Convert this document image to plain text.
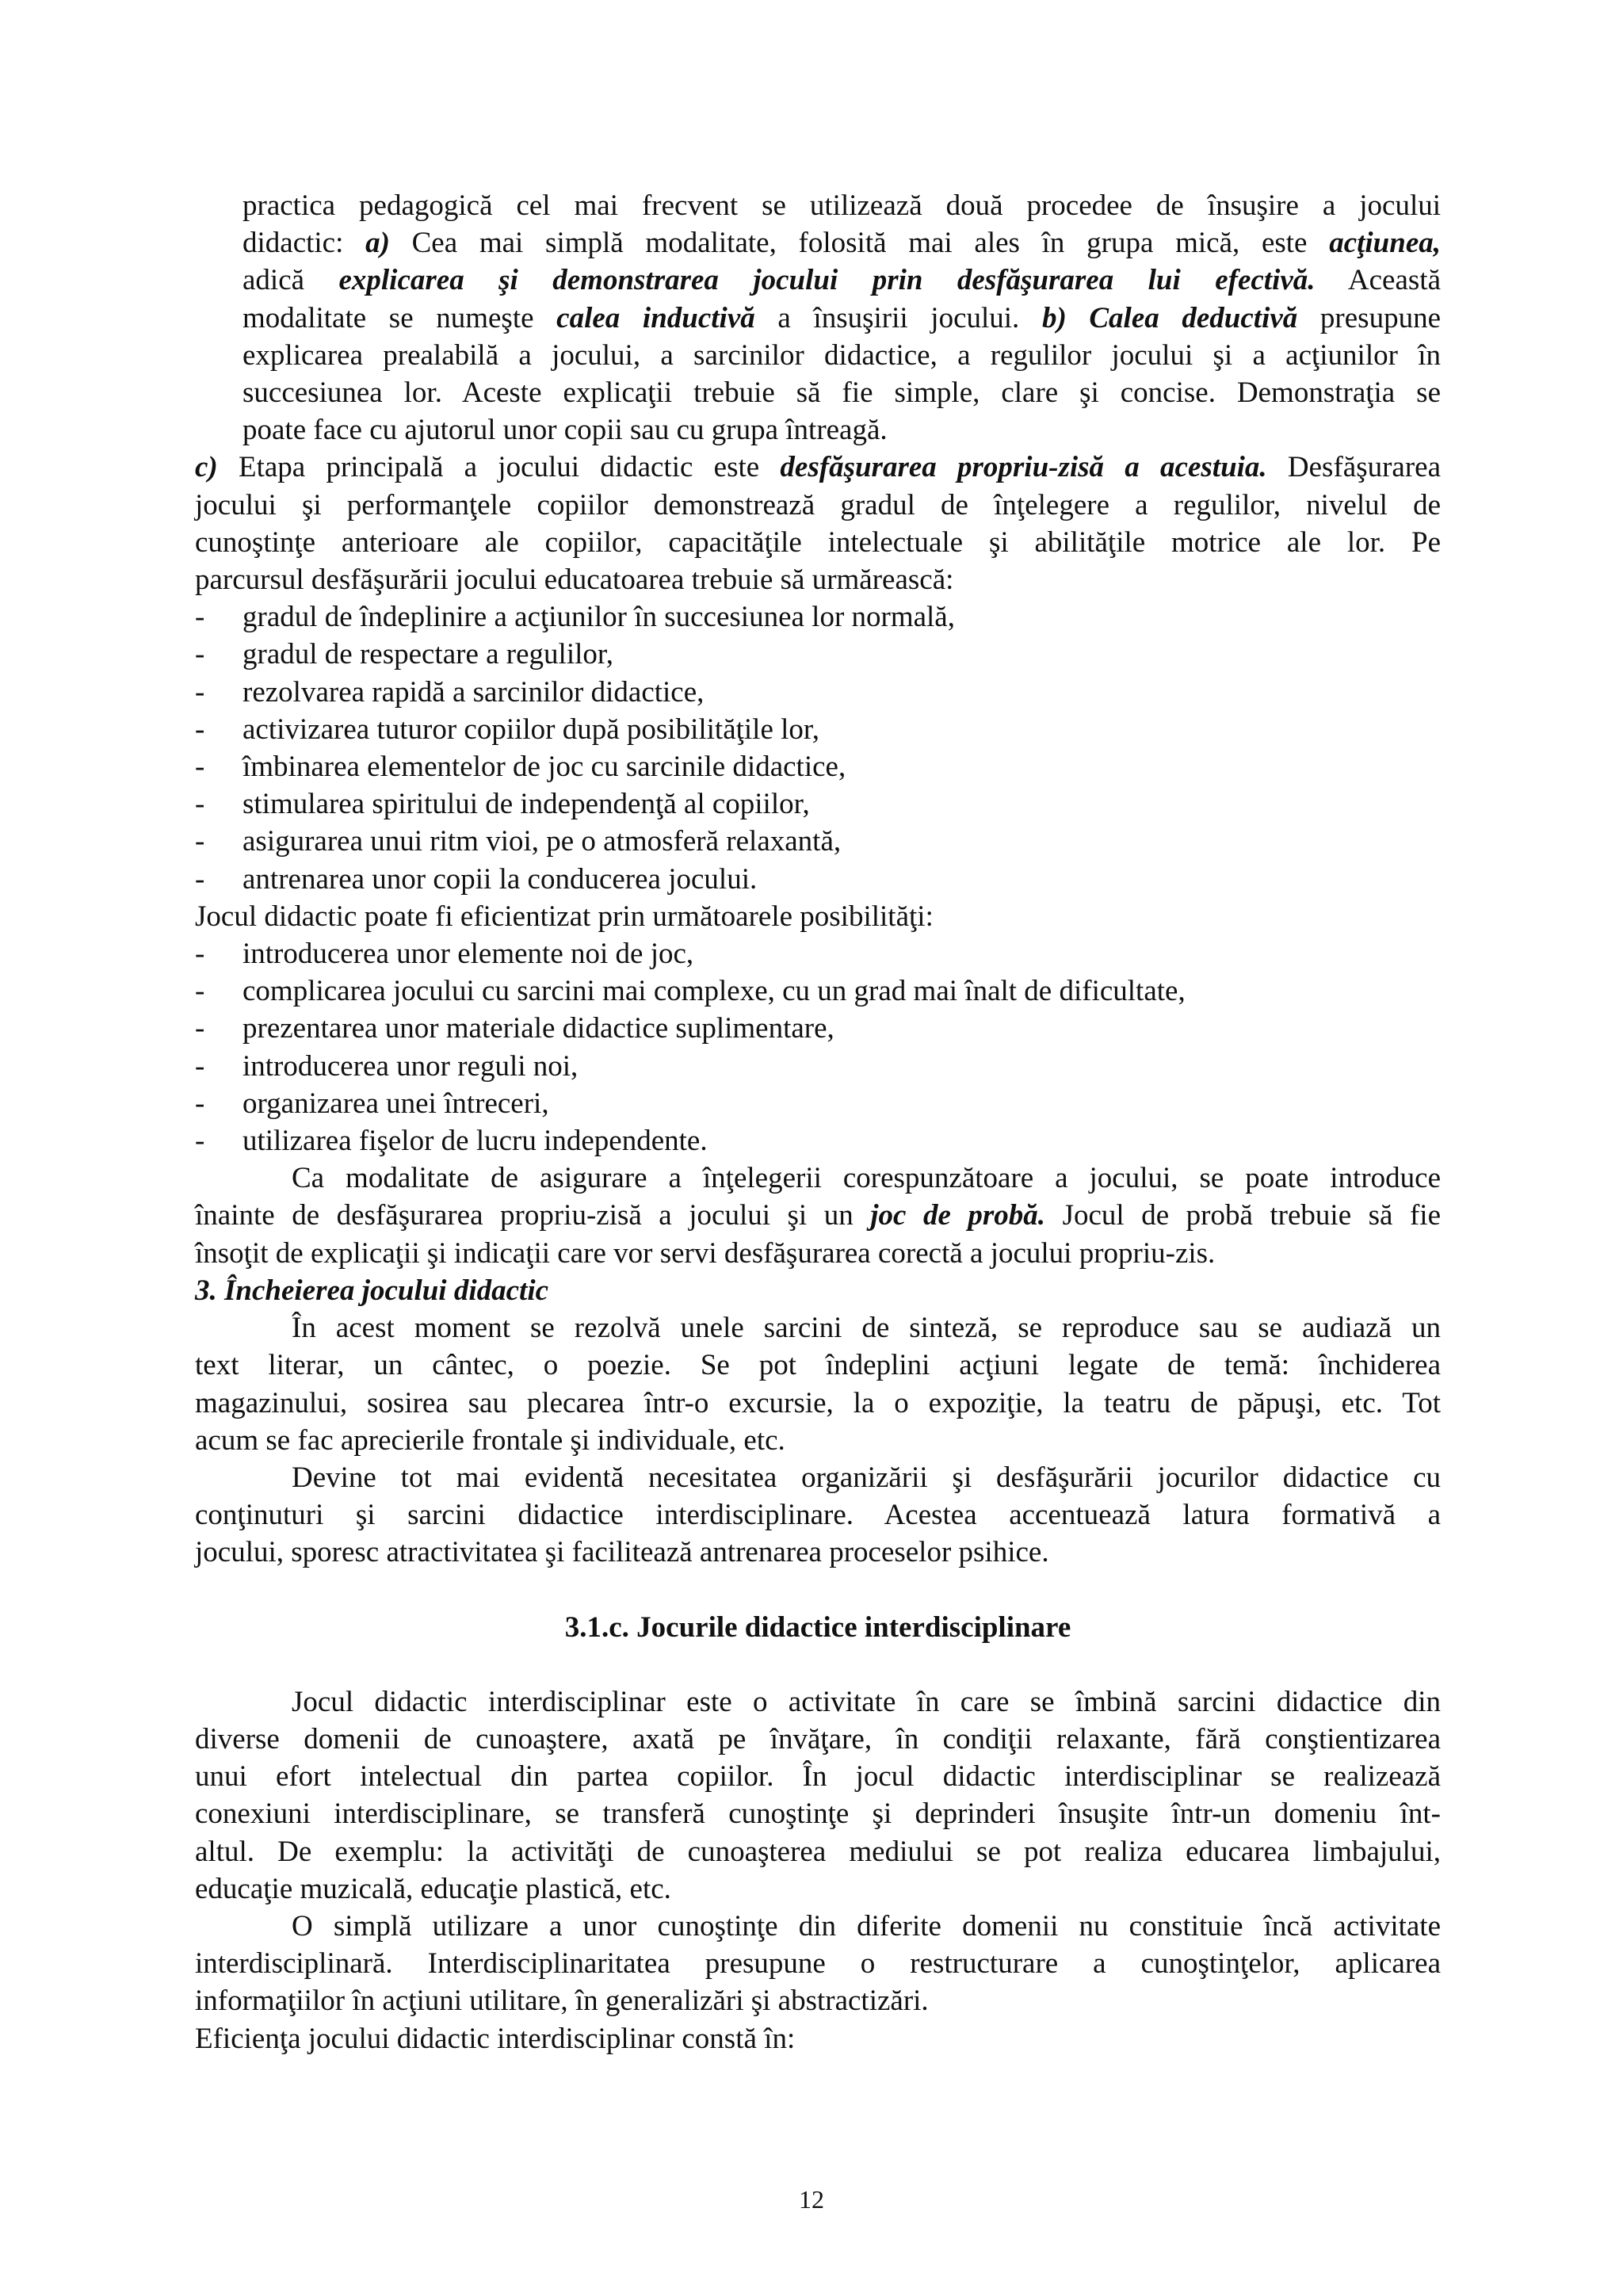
practica pedagogică cel mai frecvent se utilizează două procedee de însuşire a jocului

didactic: a) Cea mai simplă modalitate, folosită mai ales în grupa mică, este acţiunea,

adică explicarea şi demonstrarea jocului prin desfăşurarea lui efectivă. Această

modalitate se numeşte calea inductivă a însuşirii jocului. b) Calea deductivă presupune

explicarea prealabilă a jocului, a sarcinilor didactice, a regulilor jocului şi a acţiunilor în

succesiunea lor. Aceste explicaţii trebuie să fie simple, clare şi concise. Demonstraţia se

poate face cu ajutorul unor copii sau cu grupa întreagă.

c) Etapa principală a jocului didactic este desfăşurarea propriu-zisă a acestuia. Desfăşurarea

jocului şi performanţele copiilor demonstrează gradul de înţelegere a regulilor, nivelul de

cunoştinţe anterioare ale copiilor, capacităţile intelectuale şi abilităţile motrice ale lor. Pe

parcursul desfăşurării jocului educatoarea trebuie să urmărească:

- gradul de îndeplinire a acţiunilor în succesiunea lor normală,

- gradul de respectare a regulilor,

- rezolvarea rapidă a sarcinilor didactice,

- activizarea tuturor copiilor după posibilităţile lor,

- îmbinarea elementelor de joc cu sarcinile didactice,

- stimularea spiritului de independenţă al copiilor,

- asigurarea unui ritm vioi, pe o atmosferă relaxantă,

- antrenarea unor copii la conducerea jocului.

Jocul didactic poate fi eficientizat prin următoarele posibilităţi:

- introducerea unor elemente noi de joc,

- complicarea jocului cu sarcini mai complexe, cu un grad mai înalt de dificultate,

- prezentarea unor materiale didactice suplimentare,

- introducerea unor reguli noi,

- organizarea unei întreceri,

- utilizarea fişelor de lucru independente.

Ca modalitate de asigurare a înţelegerii corespunzătoare a jocului, se poate introduce

înainte de desfăşurarea propriu-zisă a jocului şi un joc de probă. Jocul de probă trebuie să fie

însoţit de explicaţii şi indicaţii care vor servi desfăşurarea corectă a jocului propriu-zis.

3. Încheierea jocului didactic

În acest moment se rezolvă unele sarcini de sinteză, se reproduce sau se audiază un

text literar, un cântec, o poezie. Se pot îndeplini acţiuni legate de temă: închiderea

magazinului, sosirea sau plecarea într-o excursie, la o expoziţie, la teatru de păpuşi, etc. Tot

acum se fac aprecierile frontale şi individuale, etc.

Devine tot mai evidentă necesitatea organizării şi desfăşurării jocurilor didactice cu

conţinuturi şi sarcini didactice interdisciplinare. Acestea accentuează latura formativă a

jocului, sporesc atractivitatea şi facilitează antrenarea proceselor psihice.

3.1.c. Jocurile didactice interdisciplinare

Jocul didactic interdisciplinar este o activitate în care se îmbină sarcini didactice din

diverse domenii de cunoaştere, axată pe învăţare, în condiţii relaxante, fără conştientizarea

unui efort intelectual din partea copiilor. În jocul didactic interdisciplinar se realizează

conexiuni interdisciplinare, se transferă cunoştinţe şi deprinderi însuşite într-un domeniu înt-

altul. De exemplu: la activităţi de cunoaşterea mediului se pot realiza educarea limbajului,

educaţie muzicală, educaţie plastică, etc.

O simplă utilizare a unor cunoştinţe din diferite domenii nu constituie încă activitate

interdisciplinară. Interdisciplinaritatea presupune o restructurare a cunoştinţelor, aplicarea

informaţiilor în acţiuni utilitare, în generalizări şi abstractizări.

Eficienţa jocului didactic interdisciplinar constă în:

12
